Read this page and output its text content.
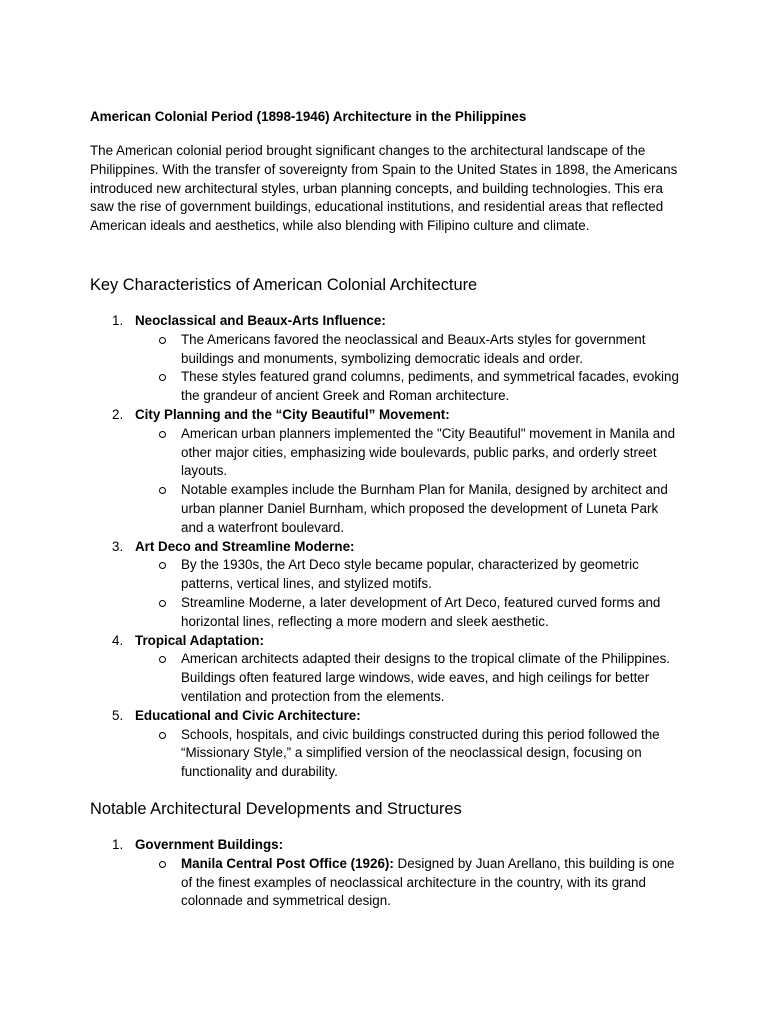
American Colonial Period (1898-1946) Architecture in the Philippines

The American colonial period brought significant changes to the architectural landscape of the Philippines. With the transfer of sovereignty from Spain to the United States in 1898, the Americans introduced new architectural styles, urban planning concepts, and building technologies. This era saw the rise of government buildings, educational institutions, and residential areas that reflected American ideals and aesthetics, while also blending with Filipino culture and climate.

Key Characteristics of American Colonial Architecture
1. Neoclassical and Beaux-Arts Influence:
The Americans favored the neoclassical and Beaux-Arts styles for government buildings and monuments, symbolizing democratic ideals and order.
These styles featured grand columns, pediments, and symmetrical facades, evoking the grandeur of ancient Greek and Roman architecture.
2. City Planning and the “City Beautiful” Movement:
American urban planners implemented the "City Beautiful" movement in Manila and other major cities, emphasizing wide boulevards, public parks, and orderly street layouts.
Notable examples include the Burnham Plan for Manila, designed by architect and urban planner Daniel Burnham, which proposed the development of Luneta Park and a waterfront boulevard.
3. Art Deco and Streamline Moderne:
By the 1930s, the Art Deco style became popular, characterized by geometric patterns, vertical lines, and stylized motifs.
Streamline Moderne, a later development of Art Deco, featured curved forms and horizontal lines, reflecting a more modern and sleek aesthetic.
4. Tropical Adaptation:
American architects adapted their designs to the tropical climate of the Philippines. Buildings often featured large windows, wide eaves, and high ceilings for better ventilation and protection from the elements.
5. Educational and Civic Architecture:
Schools, hospitals, and civic buildings constructed during this period followed the “Missionary Style,” a simplified version of the neoclassical design, focusing on functionality and durability.
Notable Architectural Developments and Structures
1. Government Buildings:
Manila Central Post Office (1926): Designed by Juan Arellano, this building is one of the finest examples of neoclassical architecture in the country, with its grand colonnade and symmetrical design.
